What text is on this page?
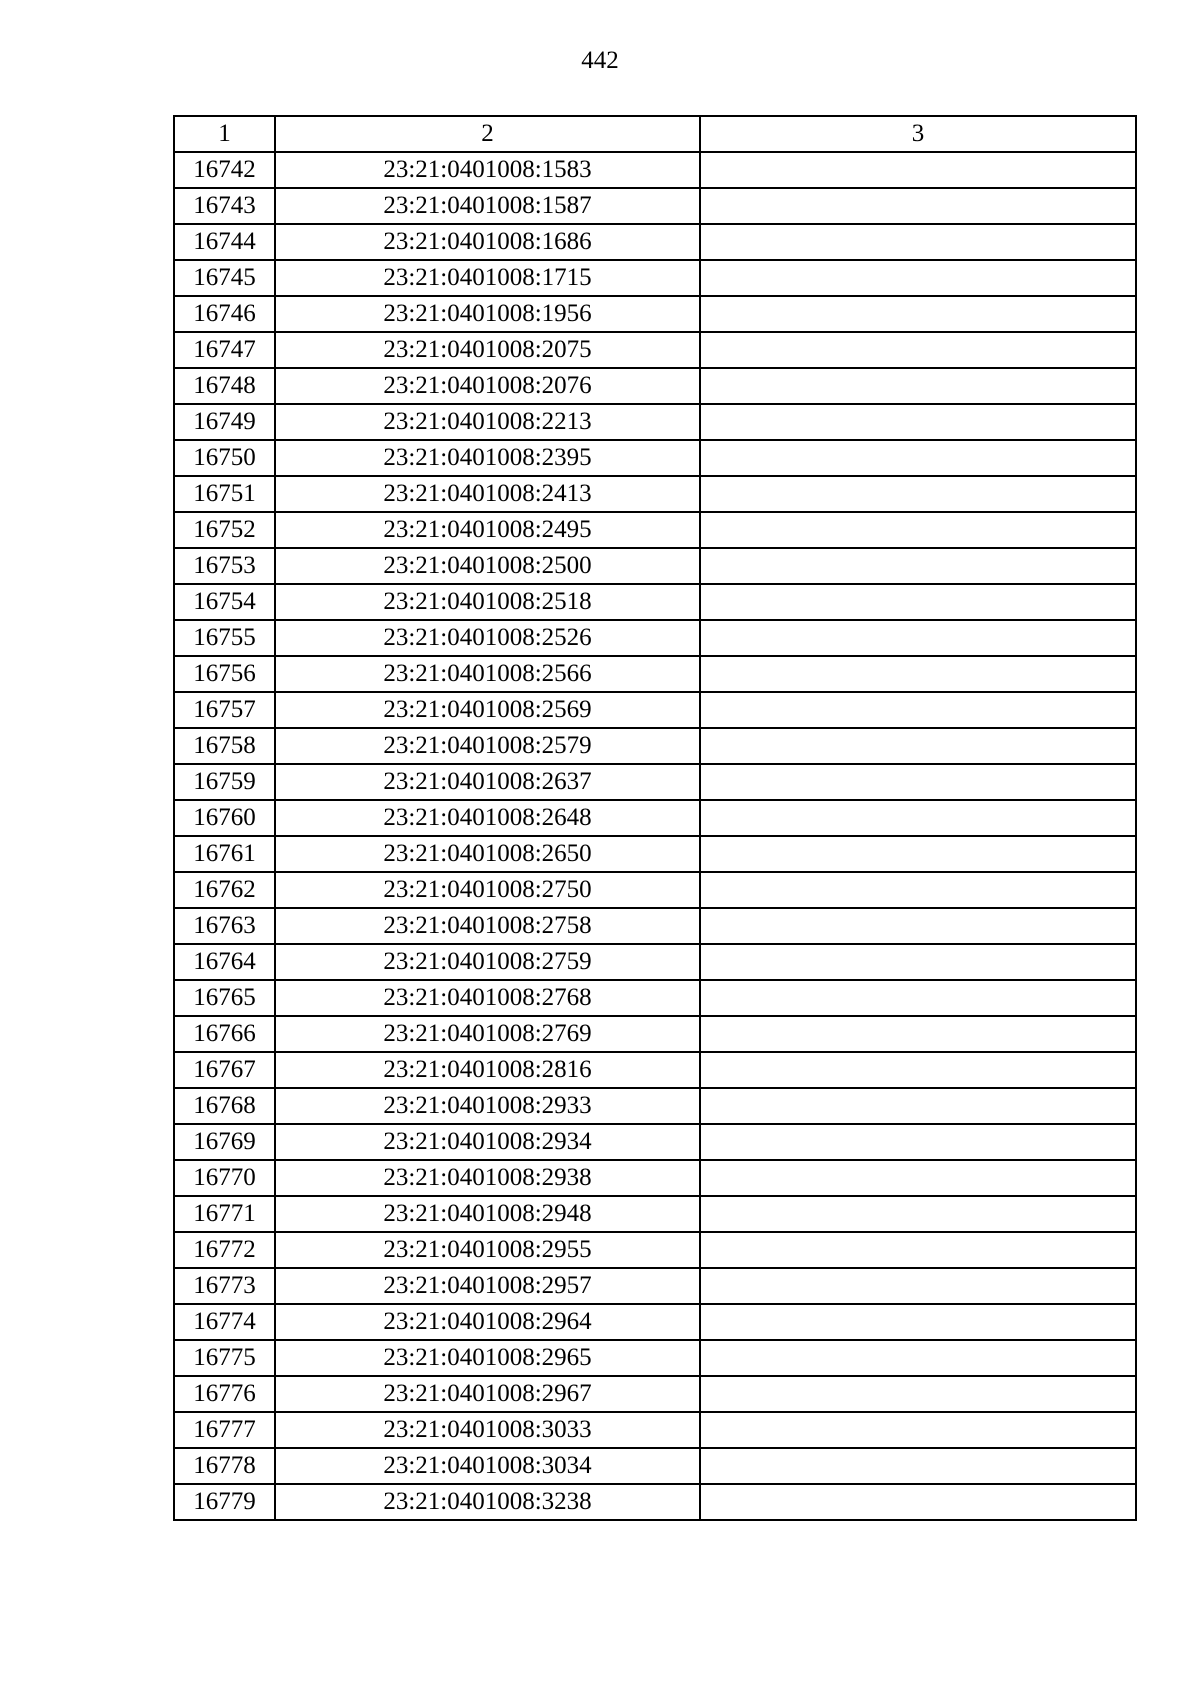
442
1	2	3
16742	23:21:0401008:1583	
16743	23:21:0401008:1587	
16744	23:21:0401008:1686	
16745	23:21:0401008:1715	
16746	23:21:0401008:1956	
16747	23:21:0401008:2075	
16748	23:21:0401008:2076	
16749	23:21:0401008:2213	
16750	23:21:0401008:2395	
16751	23:21:0401008:2413	
16752	23:21:0401008:2495	
16753	23:21:0401008:2500	
16754	23:21:0401008:2518	
16755	23:21:0401008:2526	
16756	23:21:0401008:2566	
16757	23:21:0401008:2569	
16758	23:21:0401008:2579	
16759	23:21:0401008:2637	
16760	23:21:0401008:2648	
16761	23:21:0401008:2650	
16762	23:21:0401008:2750	
16763	23:21:0401008:2758	
16764	23:21:0401008:2759	
16765	23:21:0401008:2768	
16766	23:21:0401008:2769	
16767	23:21:0401008:2816	
16768	23:21:0401008:2933	
16769	23:21:0401008:2934	
16770	23:21:0401008:2938	
16771	23:21:0401008:2948	
16772	23:21:0401008:2955	
16773	23:21:0401008:2957	
16774	23:21:0401008:2964	
16775	23:21:0401008:2965	
16776	23:21:0401008:2967	
16777	23:21:0401008:3033	
16778	23:21:0401008:3034	
16779	23:21:0401008:3238	
